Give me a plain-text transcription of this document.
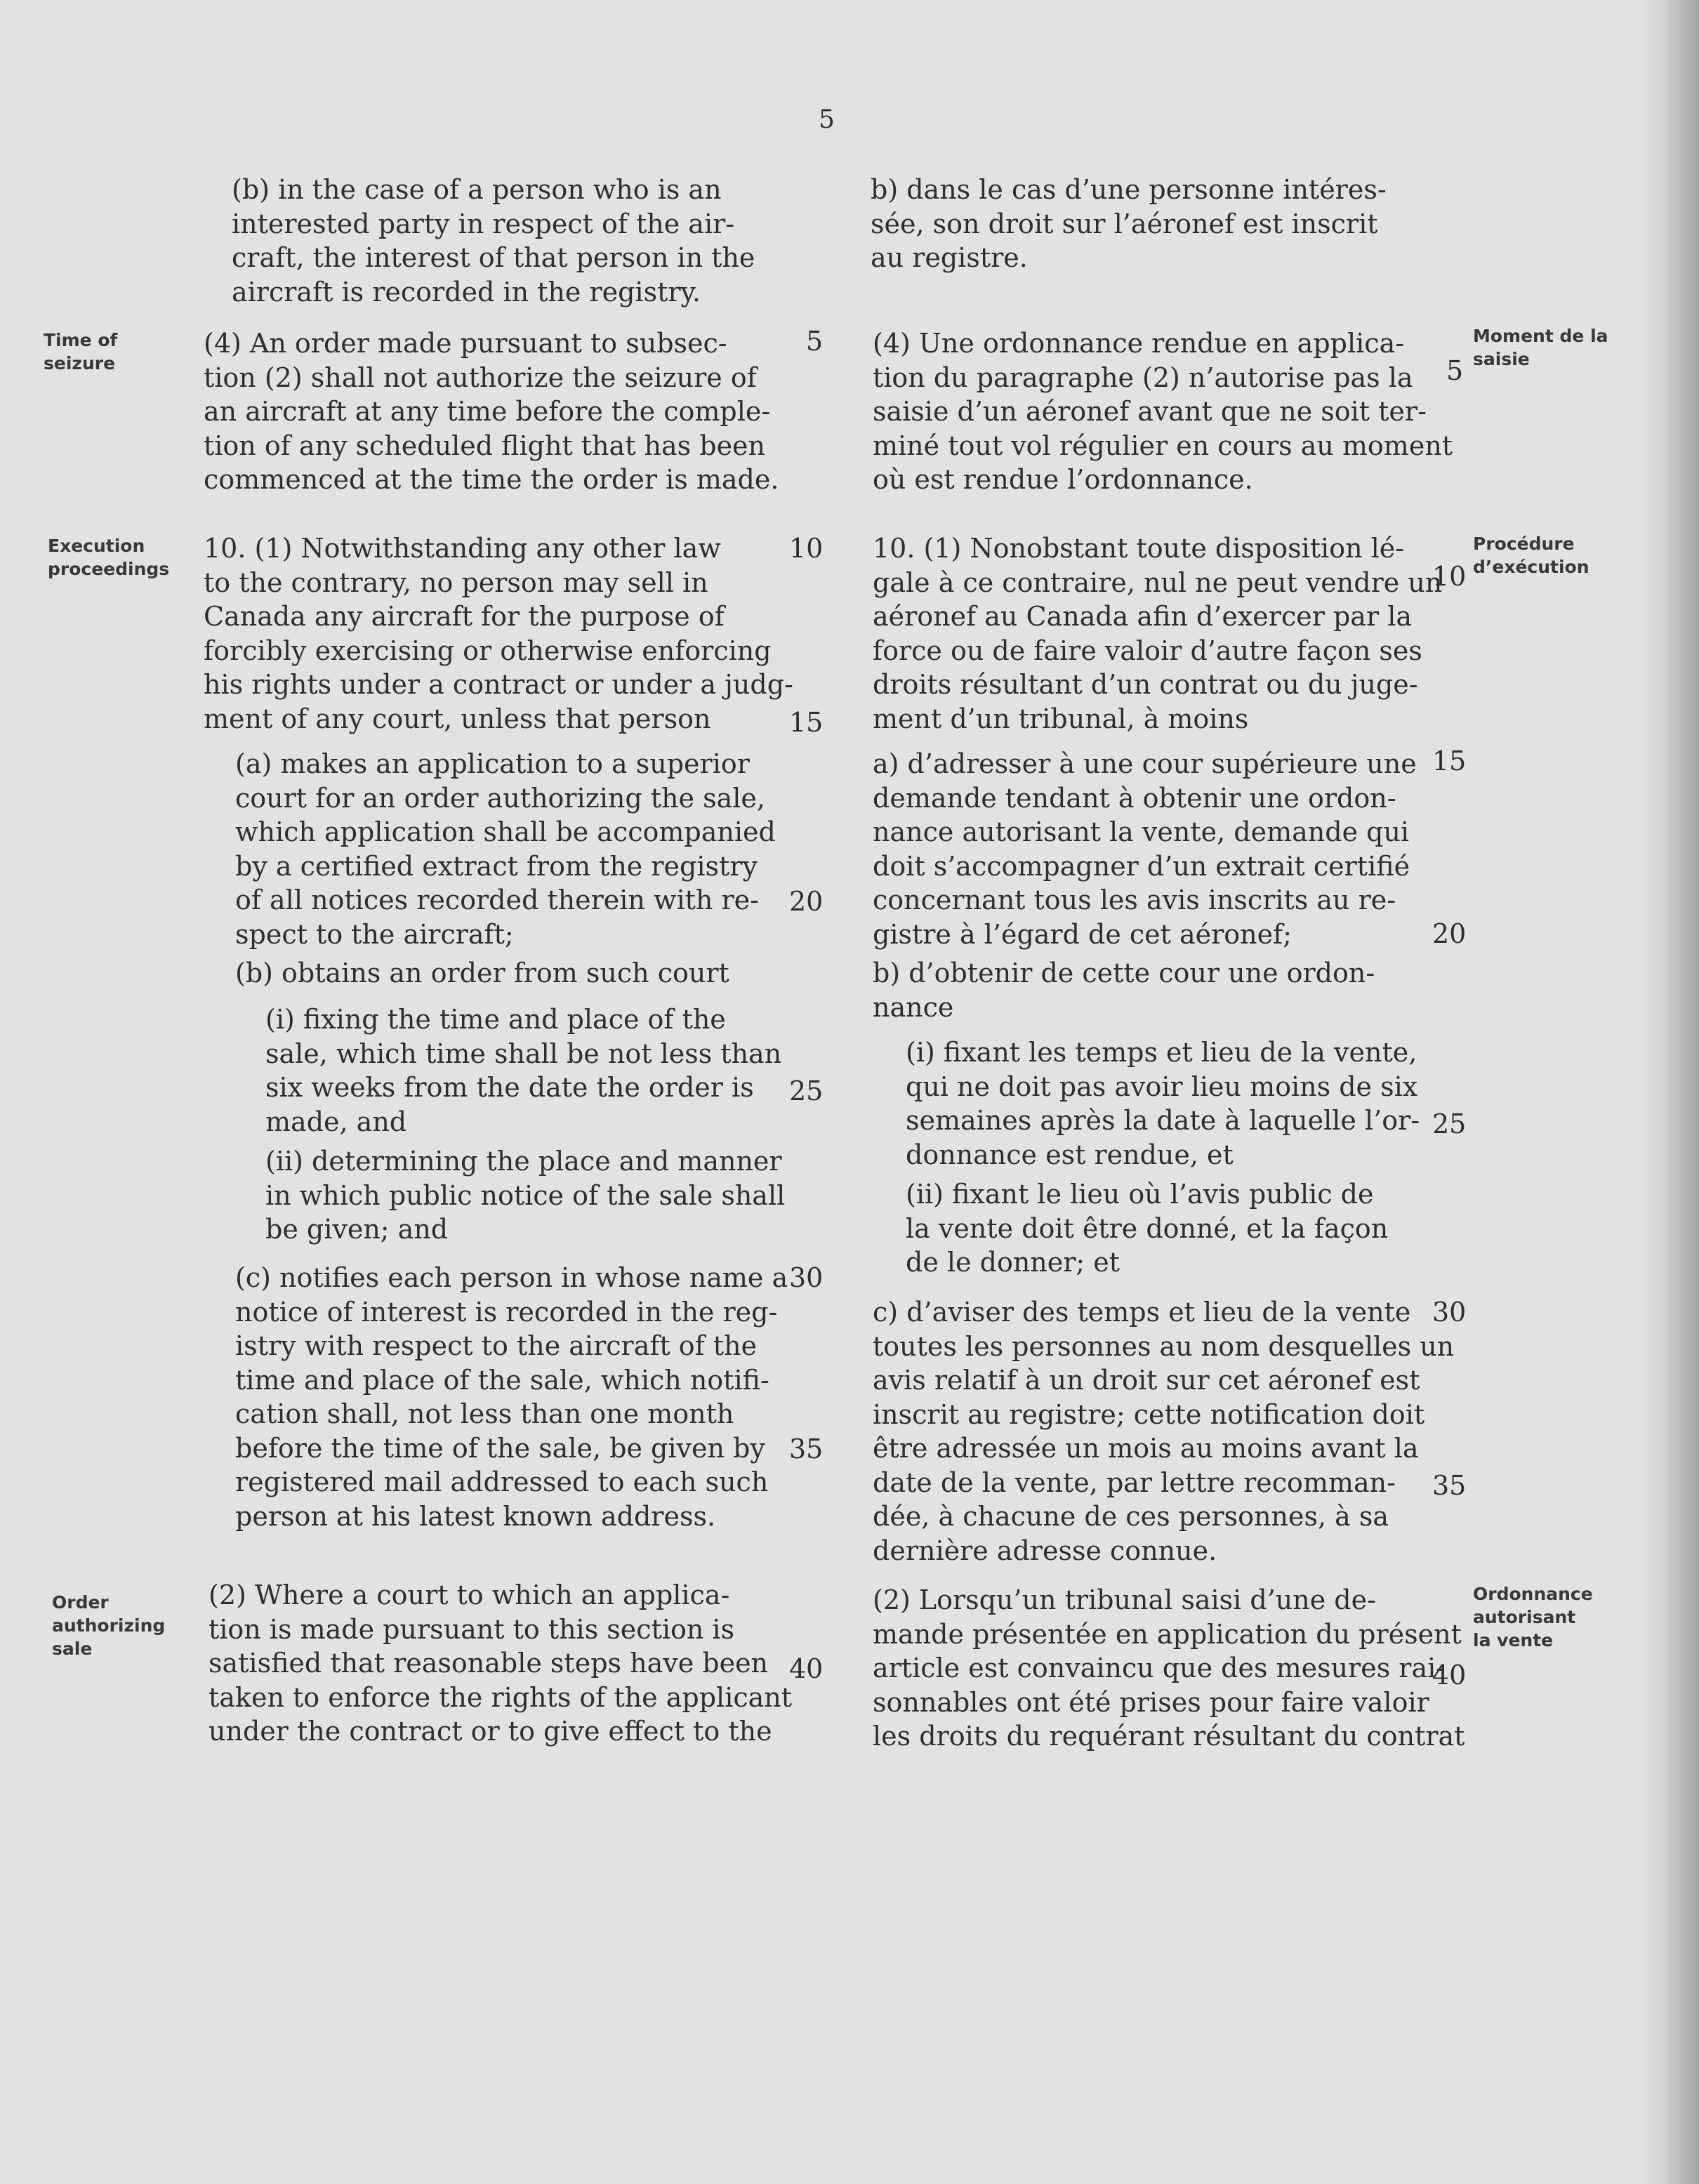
5
(b) in the case of a person who is an
interested party in respect of the air-
craft, the interest of that person in the
aircraft is recorded in the registry.
(4) An order made pursuant to subsec-
tion (2) shall not authorize the seizure of
an aircraft at any time before the comple-
tion of any scheduled flight that has been
commenced at the time the order is made.
10. (1) Notwithstanding any other law
to the contrary, no person may sell in
Canada any aircraft for the purpose of
forcibly exercising or otherwise enforcing
his rights under a contract or under a judg-
ment of any court, unless that person
(a) makes an application to a superior
court for an order authorizing the sale,
which application shall be accompanied
by a certified extract from the registry
of all notices recorded therein with re-
spect to the aircraft;
(b) obtains an order from such court
(i) fixing the time and place of the
sale, which time shall be not less than
six weeks from the date the order is
made, and
(ii) determining the place and manner
in which public notice of the sale shall
be given; and
(c) notifies each person in whose name a
notice of interest is recorded in the reg-
istry with respect to the aircraft of the
time and place of the sale, which notifi-
cation shall, not less than one month
before the time of the sale, be given by
registered mail addressed to each such
person at his latest known address.
(2) Where a court to which an applica-
tion is made pursuant to this section is
satisfied that reasonable steps have been
taken to enforce the rights of the applicant
under the contract or to give effect to the
5
10
15
20
25
30
35
40
Time of
seizure
Execution
proceedings
Order
authorizing
sale
b) dans le cas d’une personne intéres-
sée, son droit sur l’aéronef est inscrit
au registre.
(4) Une ordonnance rendue en applica-
tion du paragraphe (2) n’autorise pas la
saisie d’un aéronef avant que ne soit ter-
miné tout vol régulier en cours au moment
où est rendue l’ordonnance.
10. (1) Nonobstant toute disposition lé-
gale à ce contraire, nul ne peut vendre un
aéronef au Canada afin d’exercer par la
force ou de faire valoir d’autre façon ses
droits résultant d’un contrat ou du juge-
ment d’un tribunal, à moins
a) d’adresser à une cour supérieure une
demande tendant à obtenir une ordon-
nance autorisant la vente, demande qui
doit s’accompagner d’un extrait certifié
concernant tous les avis inscrits au re-
gistre à l’égard de cet aéronef;
b) d’obtenir de cette cour une ordon-
nance
(i) fixant les temps et lieu de la vente,
qui ne doit pas avoir lieu moins de six
semaines après la date à laquelle l’or-
donnance est rendue, et
(ii) fixant le lieu où l’avis public de
la vente doit être donné, et la façon
de le donner; et
c) d’aviser des temps et lieu de la vente
toutes les personnes au nom desquelles un
avis relatif à un droit sur cet aéronef est
inscrit au registre; cette notification doit
être adressée un mois au moins avant la
date de la vente, par lettre recomman-
dée, à chacune de ces personnes, à sa
dernière adresse connue.
(2) Lorsqu’un tribunal saisi d’une de-
mande présentée en application du présent
article est convaincu que des mesures rai-
sonnables ont été prises pour faire valoir
les droits du requérant résultant du contrat
5
10
15
20
25
30
35
40
Moment de la
saisie
Procédure
d’exécution
Ordonnance
autorisant
la vente
